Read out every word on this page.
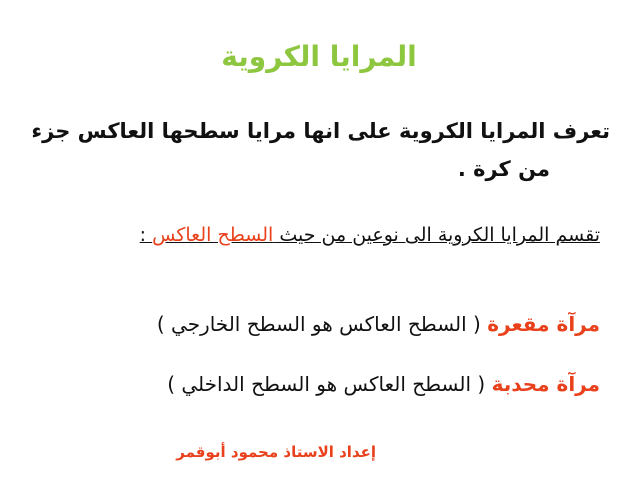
المرايا الكروية
تعرف المرايا الكروية على انها مرايا سطحها العاكس جزء
من كرة .
تقسم المرايا الكروية الى نوعين من حيث السطح العاكس :
مرآة مقعرة ( السطح العاكس هو السطح الخارجي )
مرآة محدبة ( السطح العاكس هو السطح الداخلي )
إعداد الاستاذ محمود أبوقمر
